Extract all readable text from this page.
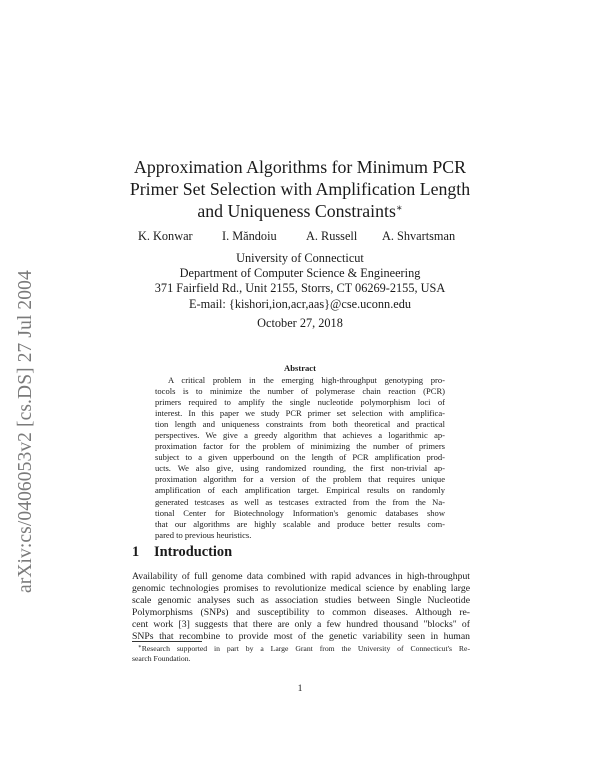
arXiv:cs/0406053v2 [cs.DS] 27 Jul 2004
Approximation Algorithms for Minimum PCR
Primer Set Selection with Amplification Length
and Uniqueness Constraints∗
K. Konwar I. Măndoiu A. Russell A. Shvartsman
University of Connecticut
Department of Computer Science & Engineering
371 Fairfield Rd., Unit 2155, Storrs, CT 06269-2155, USA
E-mail: {kishori,ion,acr,aas}@cse.uconn.edu
October 27, 2018
Abstract
A critical problem in the emerging high-throughput genotyping pro-
tocols is to minimize the number of polymerase chain reaction (PCR)
primers required to amplify the single nucleotide polymorphism loci of
interest. In this paper we study PCR primer set selection with amplifica-
tion length and uniqueness constraints from both theoretical and practical
perspectives. We give a greedy algorithm that achieves a logarithmic ap-
proximation factor for the problem of minimizing the number of primers
subject to a given upperbound on the length of PCR amplification prod-
ucts. We also give, using randomized rounding, the first non-trivial ap-
proximation algorithm for a version of the problem that requires unique
amplification of each amplification target. Empirical results on randomly
generated testcases as well as testcases extracted from the from the Na-
tional Center for Biotechnology Information's genomic databases show
that our algorithms are highly scalable and produce better results com-
pared to previous heuristics.
1 Introduction
Availability of full genome data combined with rapid advances in high-throughput
genomic technologies promises to revolutionize medical science by enabling large
scale genomic analyses such as association studies between Single Nucleotide
Polymorphisms (SNPs) and susceptibility to common diseases. Although re-
cent work [3] suggests that there are only a few hundred thousand "blocks" of
SNPs that recombine to provide most of the genetic variability seen in human
∗Research supported in part by a Large Grant from the University of Connecticut's Re-
search Foundation.
1
